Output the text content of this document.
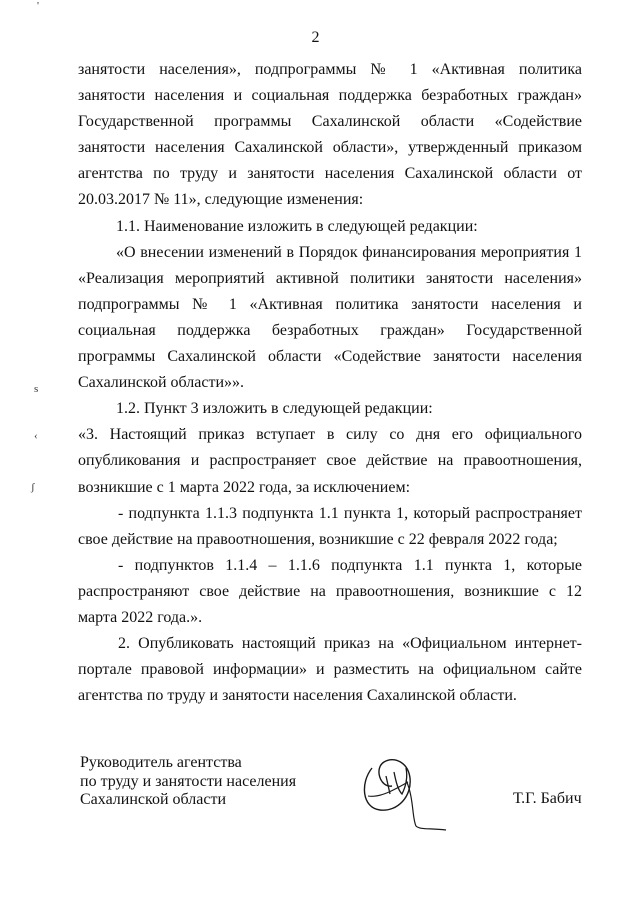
2
'
ѕ
‹
ʃ

занятости населения», подпрограммы № 1 «Активная политика занятости населения и социальная поддержка безработных граждан» Государственной программы Сахалинской области «Содействие занятости населения Сахалинской области», утвержденный приказом агентства по труду и занятости населения Сахалинской области от 20.03.2017 № 11», следующие изменения:

1.1. Наименование изложить в следующей редакции:

«О внесении изменений в Порядок финансирования мероприятия 1 «Реализация мероприятий активной политики занятости населения» подпрограммы № 1 «Активная политика занятости населения и социальная поддержка безработных граждан» Государственной программы Сахалинской области «Содействие занятости населения Сахалинской области»».

1.2. Пункт 3 изложить в следующей редакции:

«3. Настоящий приказ вступает в силу со дня его официального опубликования и распространяет свое действие на правоотношения, возникшие с 1 марта 2022 года, за исключением:

- подпункта 1.1.3 подпункта 1.1 пункта 1, который распространяет свое действие на правоотношения, возникшие с 22 февраля 2022 года;

- подпунктов 1.1.4 – 1.1.6 подпункта 1.1 пункта 1, которые распространяют свое действие на правоотношения, возникшие с 12 марта 2022 года.».

2. Опубликовать настоящий приказ на «Официальном интернет-портале правовой информации» и разместить на официальном сайте агентства по труду и занятости населения Сахалинской области.

Руководитель агентства
по труду и занятости населения
Сахалинской области	Т.Г. Бабич
